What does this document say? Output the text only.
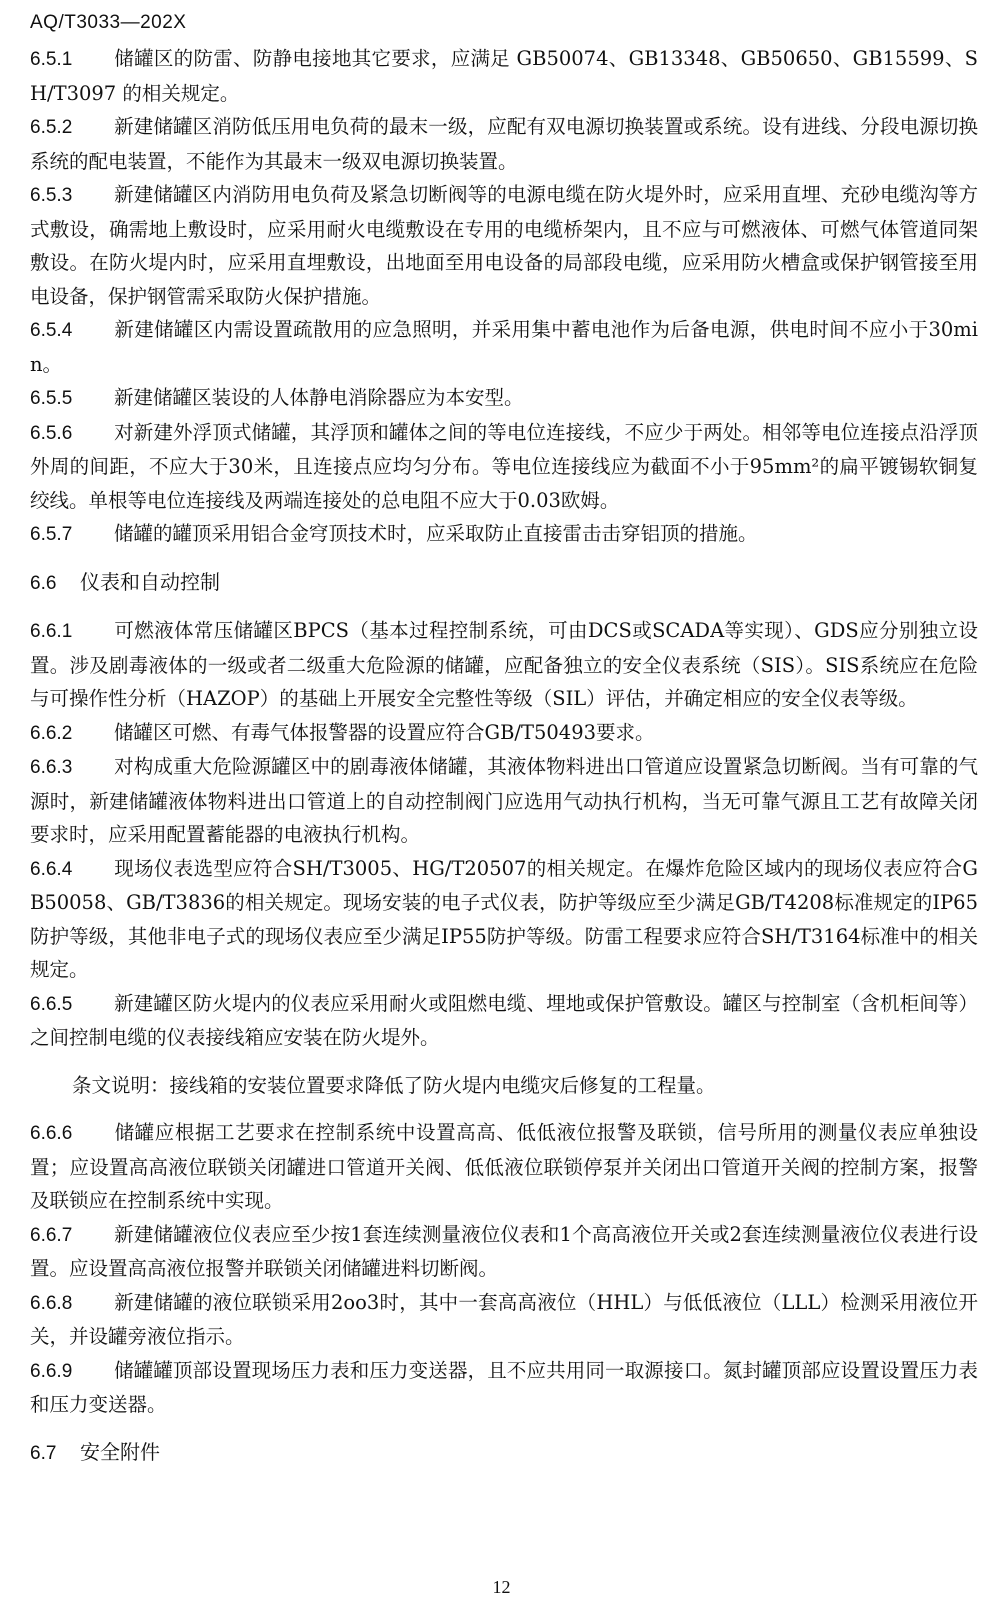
AQ/T3033—202X

6.5.1 储罐区的防雷、防静电接地其它要求，应满足 GB50074、GB13348、GB50650、GB15599、SH/T3097 的相关规定。

6.5.2 新建储罐区消防低压用电负荷的最末一级，应配有双电源切换装置或系统。设有进线、分段电源切换系统的配电装置，不能作为其最末一级双电源切换装置。

6.5.3 新建储罐区内消防用电负荷及紧急切断阀等的电源电缆在防火堤外时，应采用直埋、充砂电缆沟等方式敷设，确需地上敷设时，应采用耐火电缆敷设在专用的电缆桥架内，且不应与可燃液体、可燃气体管道同架敷设。在防火堤内时，应采用直埋敷设，出地面至用电设备的局部段电缆，应采用防火槽盒或保护钢管接至用电设备，保护钢管需采取防火保护措施。

6.5.4 新建储罐区内需设置疏散用的应急照明，并采用集中蓄电池作为后备电源，供电时间不应小于30min。

6.5.5 新建储罐区装设的人体静电消除器应为本安型。

6.5.6 对新建外浮顶式储罐，其浮顶和罐体之间的等电位连接线，不应少于两处。相邻等电位连接点沿浮顶外周的间距，不应大于30米，且连接点应均匀分布。等电位连接线应为截面不小于95mm²的扁平镀锡软铜复绞线。单根等电位连接线及两端连接处的总电阻不应大于0.03欧姆。

6.5.7 储罐的罐顶采用铝合金穹顶技术时，应采取防止直接雷击击穿铝顶的措施。

6.6 仪表和自动控制

6.6.1 可燃液体常压储罐区BPCS（基本过程控制系统，可由DCS或SCADA等实现）、GDS应分别独立设置。涉及剧毒液体的一级或者二级重大危险源的储罐，应配备独立的安全仪表系统（SIS）。SIS系统应在危险与可操作性分析（HAZOP）的基础上开展安全完整性等级（SIL）评估，并确定相应的安全仪表等级。

6.6.2 储罐区可燃、有毒气体报警器的设置应符合GB/T50493要求。

6.6.3 对构成重大危险源罐区中的剧毒液体储罐，其液体物料进出口管道应设置紧急切断阀。当有可靠的气源时，新建储罐液体物料进出口管道上的自动控制阀门应选用气动执行机构，当无可靠气源且工艺有故障关闭要求时，应采用配置蓄能器的电液执行机构。

6.6.4 现场仪表选型应符合SH/T3005、HG/T20507的相关规定。在爆炸危险区域内的现场仪表应符合GB50058、GB/T3836的相关规定。现场安装的电子式仪表，防护等级应至少满足GB/T4208标准规定的IP65防护等级，其他非电子式的现场仪表应至少满足IP55防护等级。防雷工程要求应符合SH/T3164标准中的相关规定。

6.6.5 新建罐区防火堤内的仪表应采用耐火或阻燃电缆、埋地或保护管敷设。罐区与控制室（含机柜间等）之间控制电缆的仪表接线箱应安装在防火堤外。

条文说明：接线箱的安装位置要求降低了防火堤内电缆灾后修复的工程量。

6.6.6 储罐应根据工艺要求在控制系统中设置高高、低低液位报警及联锁，信号所用的测量仪表应单独设置；应设置高高液位联锁关闭罐进口管道开关阀、低低液位联锁停泵并关闭出口管道开关阀的控制方案，报警及联锁应在控制系统中实现。

6.6.7 新建储罐液位仪表应至少按1套连续测量液位仪表和1个高高液位开关或2套连续测量液位仪表进行设置。应设置高高液位报警并联锁关闭储罐进料切断阀。

6.6.8 新建储罐的液位联锁采用2oo3时，其中一套高高液位（HHL）与低低液位（LLL）检测采用液位开关，并设罐旁液位指示。

6.6.9 储罐罐顶部设置现场压力表和压力变送器，且不应共用同一取源接口。氮封罐顶部应设置设置压力表和压力变送器。

6.7 安全附件

12
